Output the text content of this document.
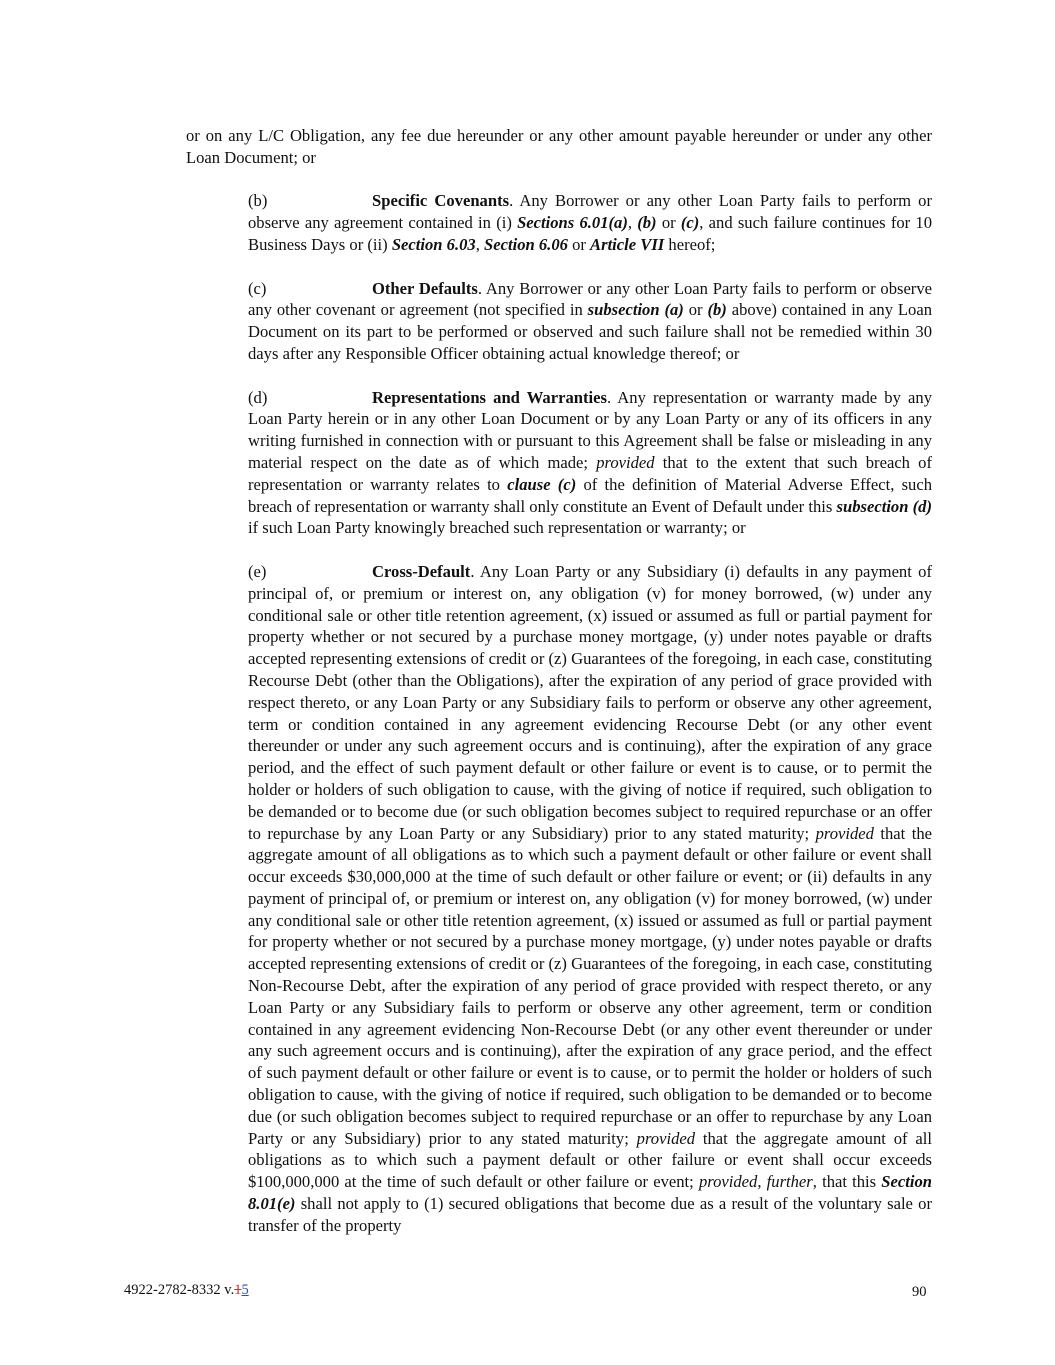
or on any L/C Obligation, any fee due hereunder or any other amount payable hereunder or under any other Loan Document; or

(b)	Specific Covenants. Any Borrower or any other Loan Party fails to perform or observe any agreement contained in (i) Sections 6.01(a), (b) or (c), and such failure continues for 10 Business Days or (ii) Section 6.03, Section 6.06 or Article VII hereof;

(c)	Other Defaults. Any Borrower or any other Loan Party fails to perform or observe any other covenant or agreement (not specified in subsection (a) or (b) above) contained in any Loan Document on its part to be performed or observed and such failure shall not be remedied within 30 days after any Responsible Officer obtaining actual knowledge thereof; or

(d)	Representations and Warranties. Any representation or warranty made by any Loan Party herein or in any other Loan Document or by any Loan Party or any of its officers in any writing furnished in connection with or pursuant to this Agreement shall be false or misleading in any material respect on the date as of which made; provided that to the extent that such breach of representation or warranty relates to clause (c) of the definition of Material Adverse Effect, such breach of representation or warranty shall only constitute an Event of Default under this subsection (d) if such Loan Party knowingly breached such representation or warranty; or

(e)	Cross-Default. Any Loan Party or any Subsidiary (i) defaults in any payment of principal of, or premium or interest on, any obligation (v) for money borrowed, (w) under any conditional sale or other title retention agreement, (x) issued or assumed as full or partial payment for property whether or not secured by a purchase money mortgage, (y) under notes payable or drafts accepted representing extensions of credit or (z) Guarantees of the foregoing, in each case, constituting Recourse Debt (other than the Obligations), after the expiration of any period of grace provided with respect thereto, or any Loan Party or any Subsidiary fails to perform or observe any other agreement, term or condition contained in any agreement evidencing Recourse Debt (or any other event thereunder or under any such agreement occurs and is continuing), after the expiration of any grace period, and the effect of such payment default or other failure or event is to cause, or to permit the holder or holders of such obligation to cause, with the giving of notice if required, such obligation to be demanded or to become due (or such obligation becomes subject to required repurchase or an offer to repurchase by any Loan Party or any Subsidiary) prior to any stated maturity; provided that the aggregate amount of all obligations as to which such a payment default or other failure or event shall occur exceeds $30,000,000 at the time of such default or other failure or event; or (ii) defaults in any payment of principal of, or premium or interest on, any obligation (v) for money borrowed, (w) under any conditional sale or other title retention agreement, (x) issued or assumed as full or partial payment for property whether or not secured by a purchase money mortgage, (y) under notes payable or drafts accepted representing extensions of credit or (z) Guarantees of the foregoing, in each case, constituting Non-Recourse Debt, after the expiration of any period of grace provided with respect thereto, or any Loan Party or any Subsidiary fails to perform or observe any other agreement, term or condition contained in any agreement evidencing Non-Recourse Debt (or any other event thereunder or under any such agreement occurs and is continuing), after the expiration of any grace period, and the effect of such payment default or other failure or event is to cause, or to permit the holder or holders of such obligation to cause, with the giving of notice if required, such obligation to be demanded or to become due (or such obligation becomes subject to required repurchase or an offer to repurchase by any Loan Party or any Subsidiary) prior to any stated maturity; provided that the aggregate amount of all obligations as to which such a payment default or other failure or event shall occur exceeds $100,000,000 at the time of such default or other failure or event; provided, further, that this Section 8.01(e) shall not apply to (1) secured obligations that become due as a result of the voluntary sale or transfer of the property

4922-2782-8332 v.15	90
